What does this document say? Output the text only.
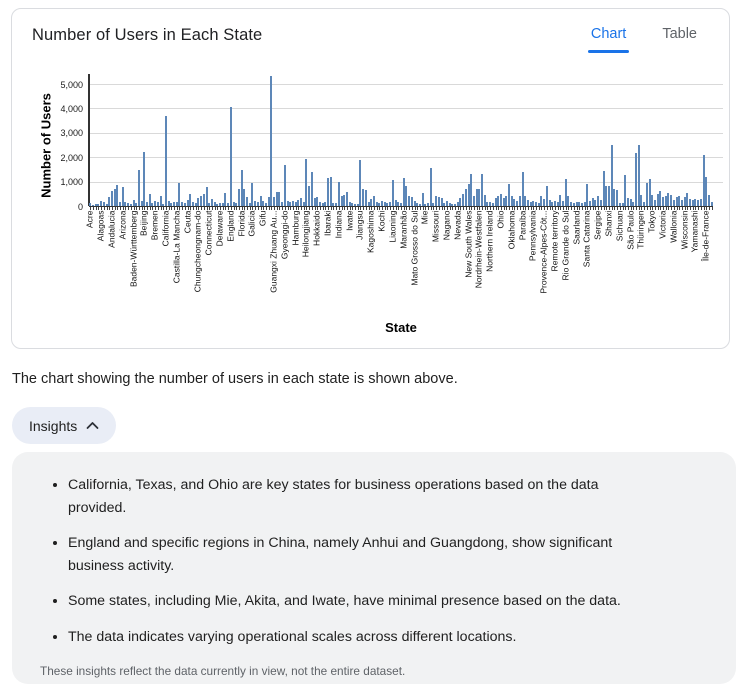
Number of Users in Each State	Chart Table
Number of Users
State
0
1,000
2,000
3,000
4,000
5,000
Acre Alagoas Andalucia Arizona Baden-Württemberg Beijing Bremen California Castilla-La Mancha Ceuta Chungcheongnam-do Connecticut Delaware England Florida Galicia Gifu Guangxi Zhuang Au... Gyeonggi-do Hamburg Heilongjiang Hokkaido Ibaraki Indiana Iwate Jiangsu Kagoshima Kochi Liaoning Maranhão Mato Grosso do Sul Mie Missouri Nagano Nevada New South Wales Nordrhein-Westfalen Northern Ireland Ohio Oklahoma Paraíba Pennsylvania Provence-Alpes-Côt... Remote territory Rio Grande do Sul Saarland Santa Catarina Sergipe Shanxi Sichuan São Paulo Thüringen Tokyo Victoria Wallonia Wisconsin Yamanashi Île-de-France
The chart showing the number of users in each state is shown above.
Insights
• California, Texas, and Ohio are key states for business operations based on the data provided.
• England and specific regions in China, namely Anhui and Guangdong, show significant business activity.
• Some states, including Mie, Akita, and Iwate, have minimal presence based on the data.
• The data indicates varying operational scales across different locations.
These insights reflect the data currently in view, not the entire dataset.
